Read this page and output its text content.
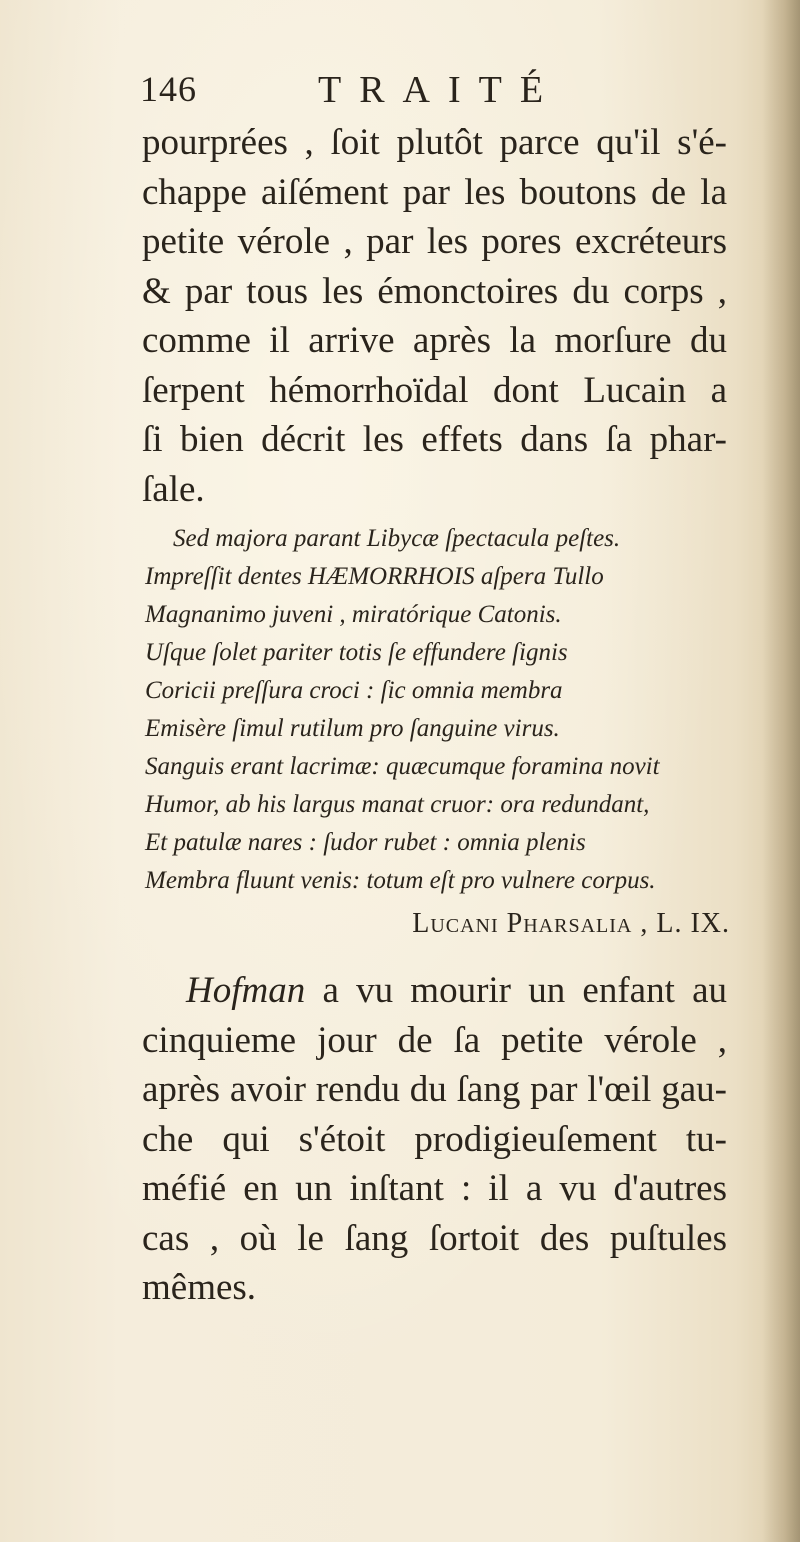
146	TRAITÉ
pourprées , ſoit plutôt parce qu'il s'é-
chappe aiſément par les boutons de la
petite vérole , par les pores excréteurs
& par tous les émonctoires du corps ,
comme il arrive après la morſure du
ſerpent hémorrhoïdal dont Lucain a
ſi bien décrit les effets dans ſa phar-
ſale.
Sed majora parant Libycæ ſpectacula peſtes.
Impreſſit dentes HÆMORRHOIS aſpera Tullo
Magnanimo juveni , miratórique Catonis.
Uſque ſolet pariter totis ſe effundere ſignis
Coricii preſſura croci : ſic omnia membra
Emisère ſimul rutilum pro ſanguine virus.
Sanguis erant lacrimæ: quæcumque foramina novit
Humor, ab his largus manat cruor: ora redundant,
Et patulæ nares : ſudor rubet : omnia plenis
Membra fluunt venis: totum eſt pro vulnere corpus.
Lucani Pharsalia , L. IX.
Hofman a vu mourir un enfant au
cinquieme jour de ſa petite vérole ,
après avoir rendu du ſang par l'œil gau-
che qui s'étoit prodigieuſement tu-
méfié en un inſtant : il a vu d'autres
cas , où le ſang ſortoit des puſtules
mêmes.
